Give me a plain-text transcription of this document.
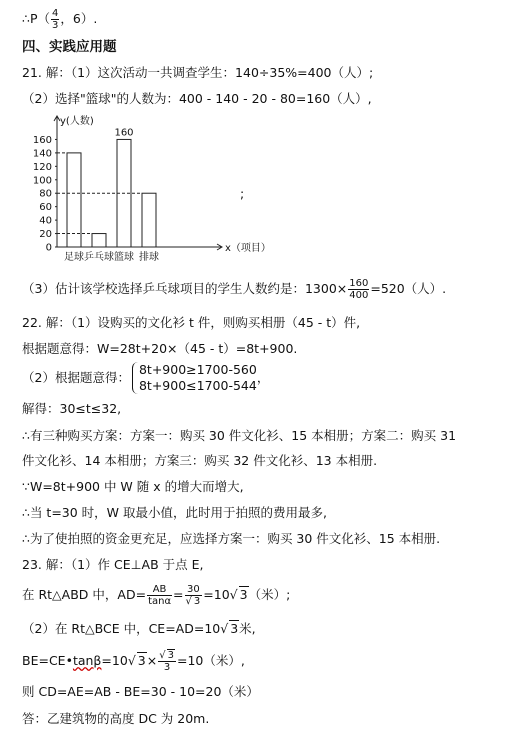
∴P（ $\frac{4}{3}$ ，6）.
四、实践应用题
21. 解：（1）这次活动一共调查学生：140÷35%=400（人）;
（2）选择"篮球"的人数为：400 - 140 - 20 - 80=160（人）,
0
20
40
60
80
100
120
140
160
y(人数)
x（项目）
足球 乒乓球 篮球
160
排球
;
（3）估计该学校选择乒乓球项目的学生人数约是：$1300\times \frac{160}{400} =520$（人）.
22. 解：（1）设购买的文化衫 t 件，则购买相册（45 - t）件,
根据题意得：W=28t+20×（45 - t）=8t+900.
（2）根据题意得：
8t+900≥1700-560
8t+900≤1700-544
，
解得：30≤t≤32,
∴有三种购买方案：方案一：购买 30 件文化衫、15 本相册；方案二：购买 31
件文化衫、14 本相册；方案三：购买 32 件文化衫、13 本相册.
∵W=8t+900 中 W 随 x 的增大而增大,
∴当 t=30 时，W 取最小值，此时用于拍照的费用最多,
∴为了使拍照的资金更充足，应选择方案一：购买 30 件文化衫、15 本相册.
23. 解：（1）作 CE⊥AB 于点 E,
在 Rt△ABD 中，$AD= \frac{AB}{\tan\alpha} = \frac{30}{√ 3} =10√$ 3（米）;
（2）在 Rt△BCE 中，CE=AD=10√ 3米,
BE=CE•tanβ=10√ $3\times \frac{√ 3}{3} =10$（米）,
则 CD=AE=AB - BE=30 - 10=20（米）
答：乙建筑物的高度 DC 为 20m.
